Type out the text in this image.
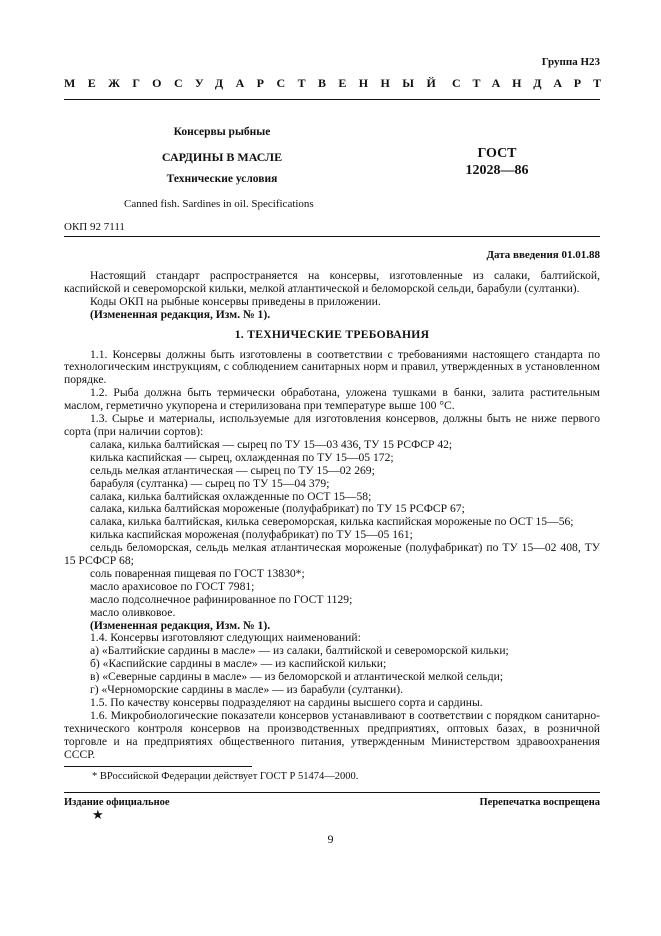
Группа Н23
МЕЖГОСУДАРСТВЕННЫЙ СТАНДАРТ
Консервы рыбные
САРДИНЫ В МАСЛЕ
Технические условия
ГОСТ
12028—86
Canned fish. Sardines in oil. Specifications
ОКП 92 7111
Дата введения 01.01.88

Настоящий стандарт распространяется на консервы, изготовленные из салаки, балтийской, каспийской и североморской кильки, мелкой атлантической и беломорской сельди, барабули (султанки).

Коды ОКП на рыбные консервы приведены в приложении.

(Измененная редакция, Изм. № 1).

1. ТЕХНИЧЕСКИЕ ТРЕБОВАНИЯ

1.1. Консервы должны быть изготовлены в соответствии с требованиями настоящего стандарта по технологическим инструкциям, с соблюдением санитарных норм и правил, утвержденных в установленном порядке.

1.2. Рыба должна быть термически обработана, уложена тушками в банки, залита растительным маслом, герметично укупорена и стерилизована при температуре выше 100 °С.

1.3. Сырье и материалы, используемые для изготовления консервов, должны быть не ниже первого сорта (при наличии сортов):

салака, килька балтийская — сырец по ТУ 15—03 436, ТУ 15 РСФСР 42;

килька каспийская — сырец, охлажденная по ТУ 15—05 172;

сельдь мелкая атлантическая — сырец по ТУ 15—02 269;

барабуля (султанка) — сырец по ТУ 15—04 379;

салака, килька балтийская охлажденные по ОСТ 15—58;

салака, килька балтийская мороженые (полуфабрикат) по ТУ 15 РСФСР 67;

салака, килька балтийская, килька североморская, килька каспийская мороженые по ОСТ 15—56;

килька каспийская мороженая (полуфабрикат) по ТУ 15—05 161;

сельдь беломорская, сельдь мелкая атлантическая мороженые (полуфабрикат) по ТУ 15—02 408, ТУ 15 РСФСР 68;

соль поваренная пищевая по ГОСТ 13830*;

масло арахисовое по ГОСТ 7981;

масло подсолнечное рафинированное по ГОСТ 1129;

масло оливковое.

(Измененная редакция, Изм. № 1).

1.4. Консервы изготовляют следующих наименований:

а) «Балтийские сардины в масле» — из салаки, балтийской и североморской кильки;

б) «Каспийские сардины в масле» — из каспийской кильки;

в) «Северные сардины в масле» — из беломорской и атлантической мелкой сельди;

г) «Черноморские сардины в масле» — из барабули (султанки).

1.5. По качеству консервы подразделяют на сардины высшего сорта и сардины.

1.6. Микробиологические показатели консервов устанавливают в соответствии с порядком санитарно-технического контроля консервов на производственных предприятиях, оптовых базах, в розничной торговле и на предприятиях общественного питания, утвержденным Министерством здравоохранения СССР.

* ВРоссийской Федерации действует ГОСТ Р 51474—2000.
Издание официальное	Перепечатка воспрещена
★
9
